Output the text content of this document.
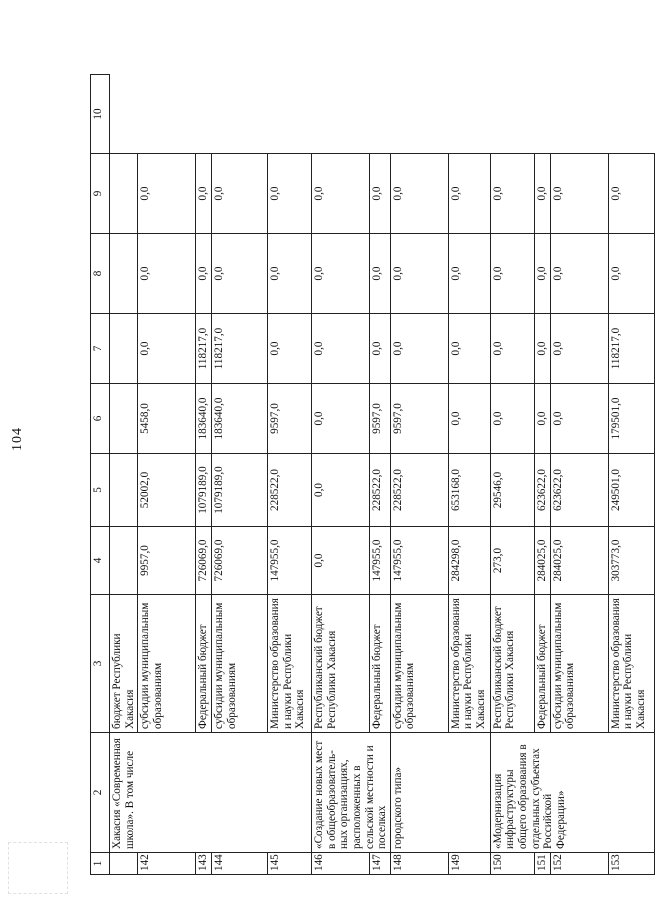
104
1	2	3	4	5	6	7	8	9	10
	Хакасия «Современная школа». В том числе	бюджет Республики Хакасия							
142		субсидии муниципальным образованиям	9957,0	52002,0	5458,0	0,0	0,0	0,0	
143		Федеральный бюджет	726069,0	1079189,0	183640,0	118217,0	0,0	0,0	
144		субсидии муниципальным образованиям	726069,0	1079189,0	183640,0	118217,0	0,0	0,0	
145		Министерство образования и науки Республики Хакасия	147955,0	228522,0	9597,0	0,0	0,0	0,0	
146	«Создание новых мест в общеобразователь-ных организациях, расположенных в сельской местности и поселках	Республиканский бюджет Республики Хакасия	0,0	0,0	0,0	0,0	0,0	0,0	
147		Федеральный бюджет	147955,0	228522,0	9597,0	0,0	0,0	0,0	
148	городского типа»	субсидии муниципальным образованиям	147955,0	228522,0	9597,0	0,0	0,0	0,0	
149		Министерство образования и науки Республики Хакасия	284298,0	653168,0	0,0	0,0	0,0	0,0	
150	«Модернизация инфраструктуры общего образования в отдельных субъектах Российской Федерации»	Республиканский бюджет Республики Хакасия	273,0	29546,0	0,0	0,0	0,0	0,0	
151		Федеральный бюджет	284025,0	623622,0	0,0	0,0	0,0	0,0	
152		субсидии муниципальным образованиям	284025,0	623622,0	0,0	0,0	0,0	0,0	
153		Министерство образования и науки Республики Хакасия	303773,0	249501,0	179501,0	118217,0	0,0	0,0	
